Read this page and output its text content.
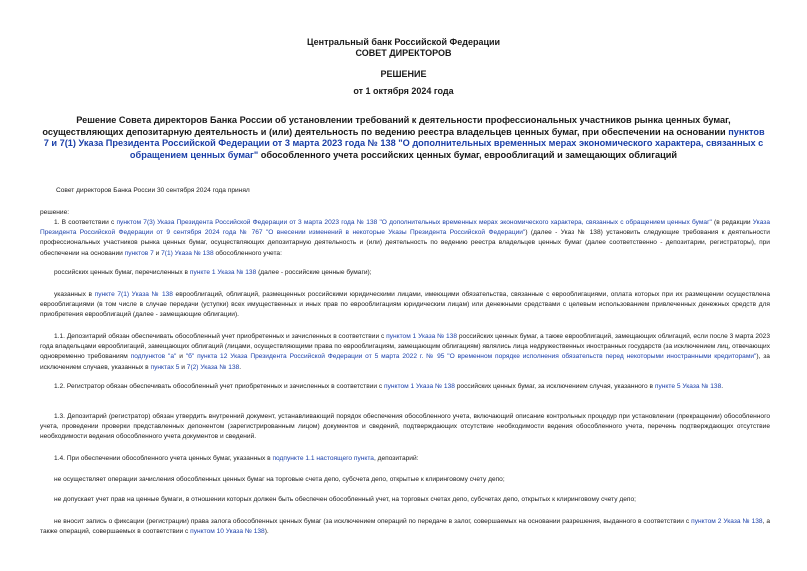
Центральный банк Российской Федерации
СОВЕТ ДИРЕКТОРОВ
РЕШЕНИЕ
от 1 октября 2024 года
Решение Совета директоров Банка России об установлении требований к деятельности профессиональных участников рынка ценных бумаг, осуществляющих депозитарную деятельность и (или) деятельность по ведению реестра владельцев ценных бумаг, при обеспечении на основании пунктов 7 и 7(1) Указа Президента Российской Федерации от 3 марта 2023 года № 138 "О дополнительных временных мерах экономического характера, связанных с обращением ценных бумаг" обособленного учета российских ценных бумаг, еврооблигаций и замещающих облигаций
Совет директоров Банка России 30 сентября 2024 года принял
решение:
1. В соответствии с пунктом 7(3) Указа Президента Российской Федерации от 3 марта 2023 года № 138 "О дополнительных временных мерах экономического характера, связанных с обращением ценных бумаг" (в редакции Указа Президента Российской Федерации от 9 сентября 2024 года № 767 "О внесении изменений в некоторые Указы Президента Российской Федерации") (далее - Указ № 138) установить следующие требования к деятельности профессиональных участников рынка ценных бумаг, осуществляющих депозитарную деятельность и (или) деятельность по ведению реестра владельцев ценных бумаг (далее соответственно - депозитарии, регистраторы), при обеспечении на основании пунктов 7 и 7(1) Указа № 138 обособленного учета:
российских ценных бумаг, перечисленных в пункте 1 Указа № 138 (далее - российские ценные бумаги);
указанных в пункте 7(1) Указа № 138 еврооблигаций, облигаций, размещенных российскими юридическими лицами, имеющими обязательства, связанные с еврооблигациями, оплата которых при их размещении осуществлена еврооблигациями (в том числе в случае передачи (уступки) всех имущественных и иных прав по еврооблигациям юридическим лицам) или денежными средствами с целевым использованием привлеченных денежных средств для приобретения еврооблигаций (далее - замещающие облигации).
1.1. Депозитарий обязан обеспечивать обособленный учет приобретенных и зачисленных в соответствии с пунктом 1 Указа № 138 российских ценных бумаг, а также еврооблигаций, замещающих облигаций, если после 3 марта 2023 года владельцами еврооблигаций, замещающих облигаций (лицами, осуществляющими права по еврооблигациям, замещающим облигациям) являлись лица недружественных иностранных государств (за исключением лиц, отвечающих одновременно требованиям подпунктов "а" и "б" пункта 12 Указа Президента Российской Федерации от 5 марта 2022 г. № 95 "О временном порядке исполнения обязательств перед некоторыми иностранными кредиторами"), за исключением случаев, указанных в пунктах 5 и 7(2) Указа № 138.
1.2. Регистратор обязан обеспечивать обособленный учет приобретенных и зачисленных в соответствии с пунктом 1 Указа № 138 российских ценных бумаг, за исключением случая, указанного в пункте 5 Указа № 138.
1.3. Депозитарий (регистратор) обязан утвердить внутренний документ, устанавливающий порядок обеспечения обособленного учета, включающий описание контрольных процедур при установлении (прекращении) обособленного учета, проведении проверки представленных депонентом (зарегистрированным лицом) документов и сведений, подтверждающих отсутствие необходимости ведения обособленного учета, перечень подтверждающих отсутствие необходимости ведения обособленного учета документов и сведений.
1.4. При обеспечении обособленного учета ценных бумаг, указанных в подпункте 1.1 настоящего пункта, депозитарий:
не осуществляет операции зачисления обособленных ценных бумаг на торговые счета депо, субсчета депо, открытые к клиринговому счету депо;
не допускает учет прав на ценные бумаги, в отношении которых должен быть обеспечен обособленный учет, на торговых счетах депо, субсчетах депо, открытых к клиринговому счету депо;
не вносит запись о фиксации (регистрации) права залога обособленных ценных бумаг (за исключением операций по передаче в залог, совершаемых на основании разрешения, выданного в соответствии с пунктом 2 Указа № 138, а также операций, совершаемых в соответствии с пунктом 10 Указа № 138).
